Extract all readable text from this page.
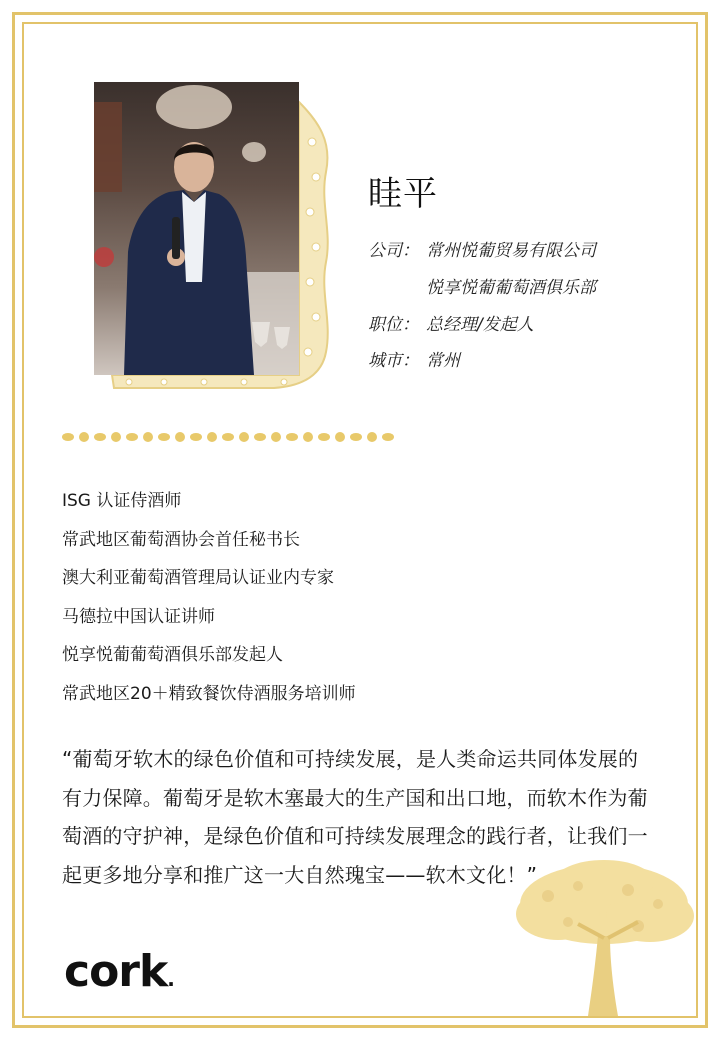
眭平
公司： 常州悦葡贸易有限公司
悦享悦葡葡萄酒俱乐部
职位： 总经理/发起人
城市： 常州
ISG 认证侍酒师
常武地区葡萄酒协会首任秘书长
澳大利亚葡萄酒管理局认证业内专家
马德拉中国认证讲师
悦享悦葡葡萄酒俱乐部发起人
常武地区20＋精致餐饮侍酒服务培训师

“葡萄牙软木的绿色价值和可持续发展，是人类命运共同体发展的有力保障。葡萄牙是软木塞最大的生产国和出口地，而软木作为葡萄酒的守护神，是绿色价值和可持续发展理念的践行者，让我们一起更多地分享和推广这一大自然瑰宝——软木文化！”

cork.
